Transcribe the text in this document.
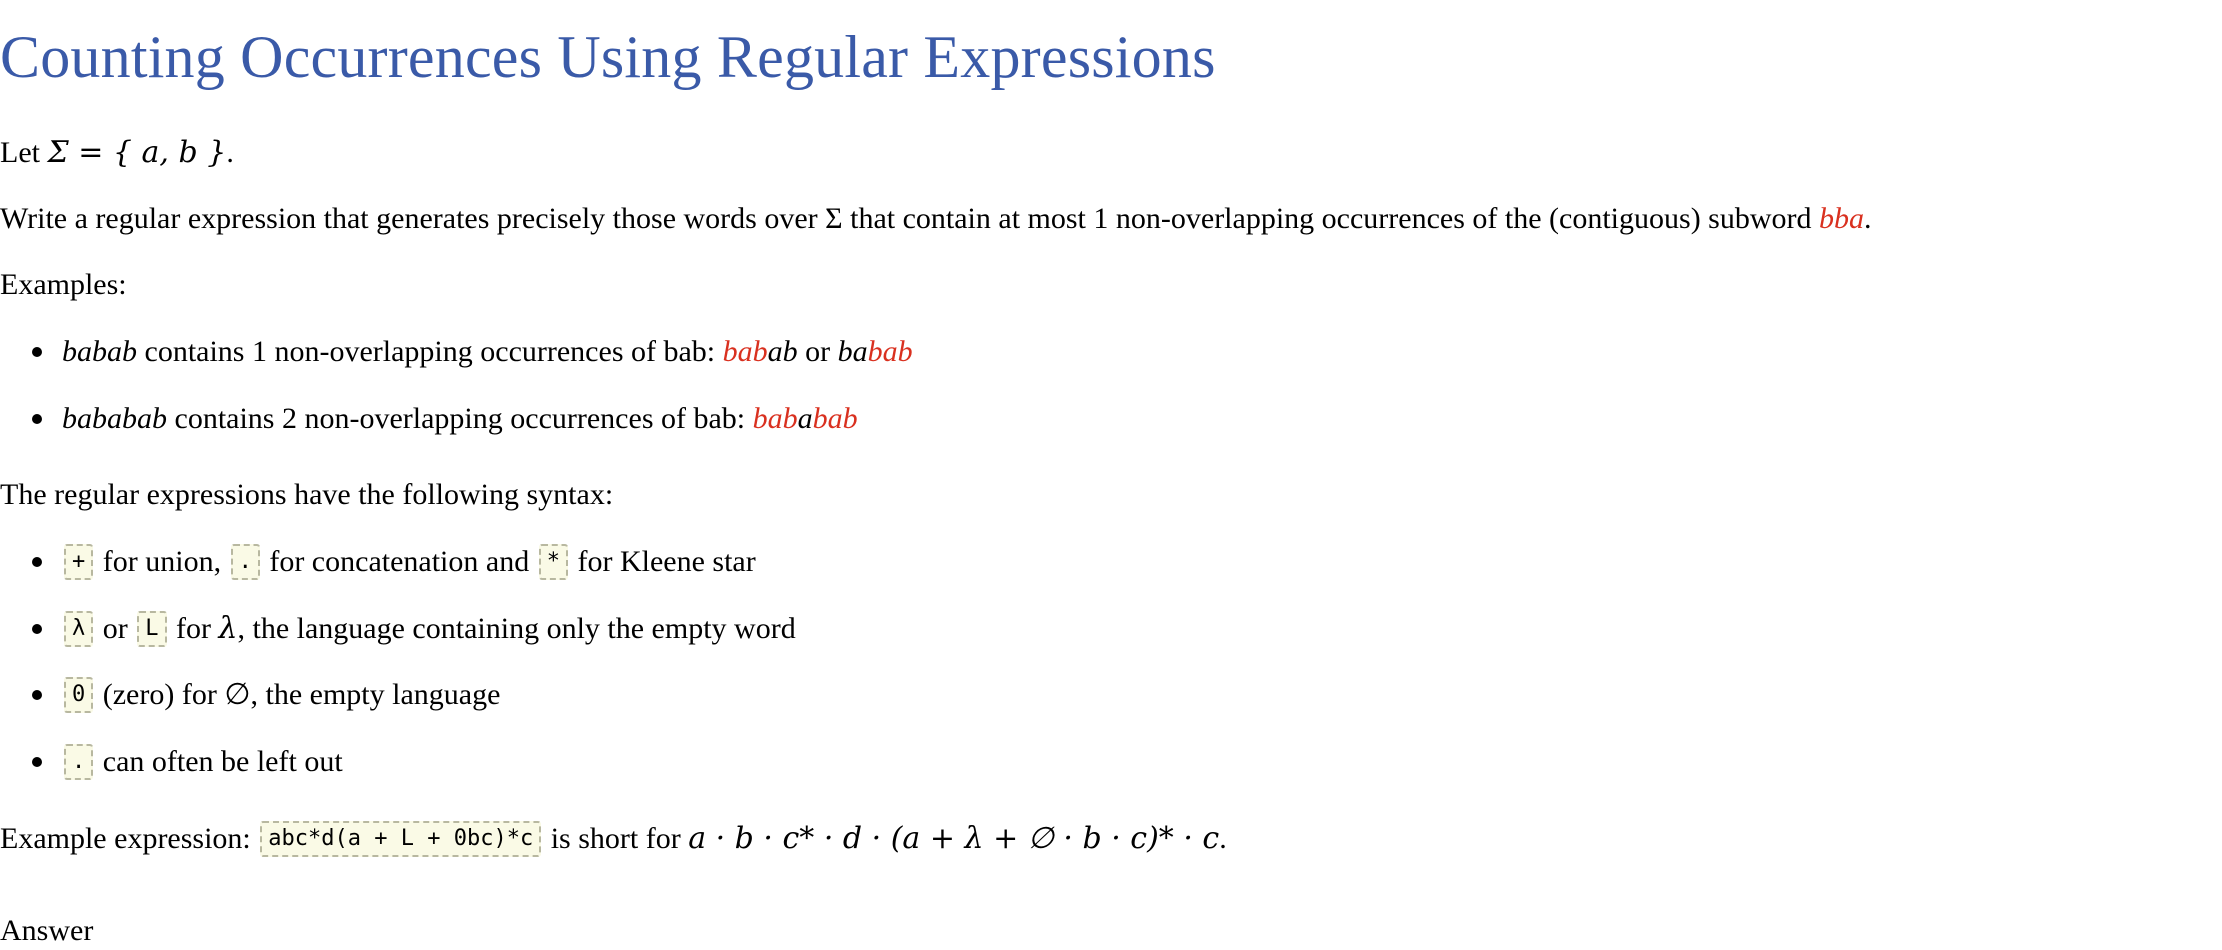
Counting Occurrences Using Regular Expressions
Let Σ = { a, b }.
Write a regular expression that generates precisely those words over Σ that contain at most 1 non-overlapping occurrences of the (contiguous) subword bba.
Examples:
babab contains 1 non-overlapping occurrences of bab: babab or babab
bababab contains 2 non-overlapping occurrences of bab: bababab
The regular expressions have the following syntax:
+ for union, . for concatenation and * for Kleene star
λ or L for λ, the language containing only the empty word
0 (zero) for ∅, the empty language
. can often be left out
Example expression: abc*d(a + L + 0bc)*c is short for a · b · c* · d · (a + λ + ∅ · b · c)* · c.
Answer
